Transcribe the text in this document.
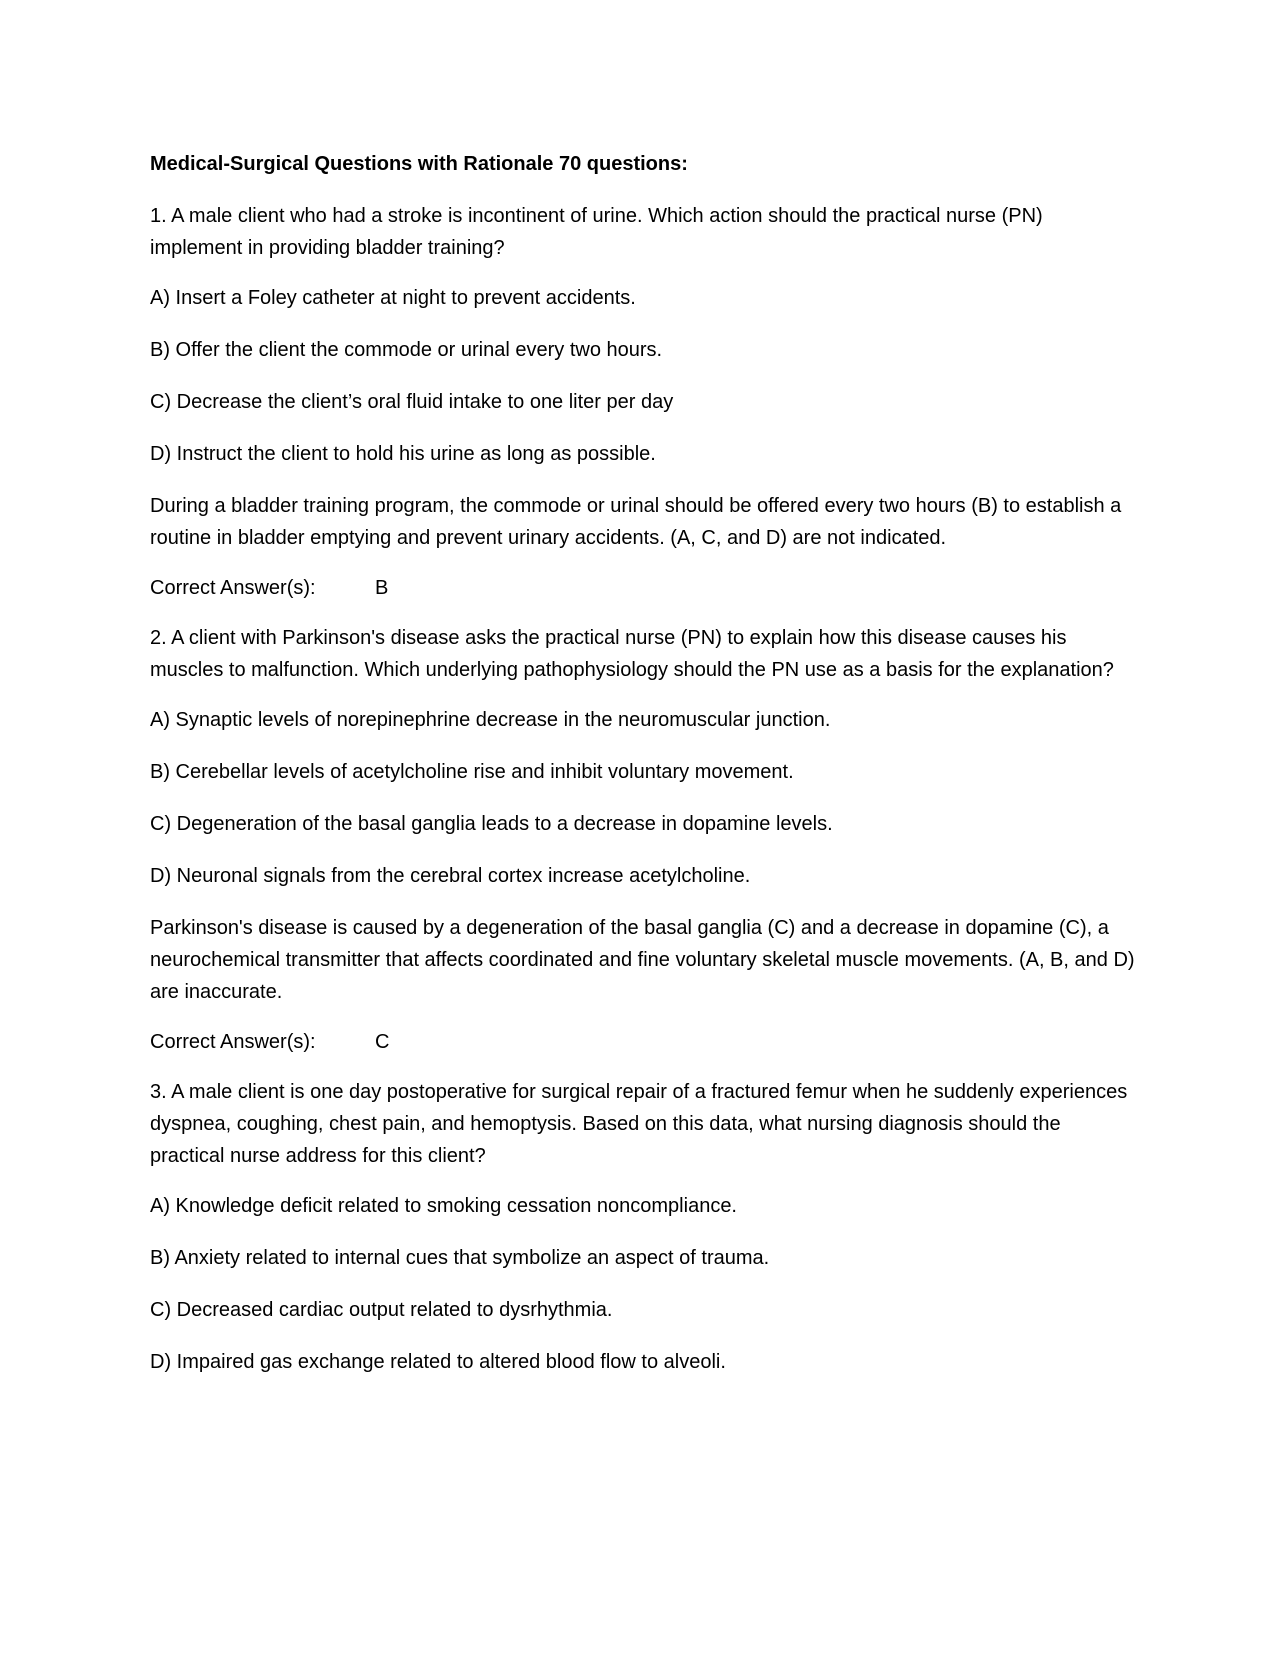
Medical-Surgical Questions with Rationale 70 questions:
1. A male client who had a stroke is incontinent of urine. Which action should the practical nurse (PN) implement in providing bladder training?
A) Insert a Foley catheter at night to prevent accidents.
B) Offer the client the commode or urinal every two hours.
C) Decrease the client’s oral fluid intake to one liter per day
D) Instruct the client to hold his urine as long as possible.
During a bladder training program, the commode or urinal should be offered every two hours (B) to establish a routine in bladder emptying and prevent urinary accidents. (A, C, and D) are not indicated.
Correct Answer(s):	B
2. A client with Parkinson's disease asks the practical nurse (PN) to explain how this disease causes his muscles to malfunction. Which underlying pathophysiology should the PN use as a basis for the explanation?
A) Synaptic levels of norepinephrine decrease in the neuromuscular junction.
B) Cerebellar levels of acetylcholine rise and inhibit voluntary movement.
C) Degeneration of the basal ganglia leads to a decrease in dopamine levels.
D) Neuronal signals from the cerebral cortex increase acetylcholine.
Parkinson's disease is caused by a degeneration of the basal ganglia (C) and a decrease in dopamine (C), a neurochemical transmitter that affects coordinated and fine voluntary skeletal muscle movements. (A, B, and D) are inaccurate.
Correct Answer(s):	C
3. A male client is one day postoperative for surgical repair of a fractured femur when he suddenly experiences dyspnea, coughing, chest pain, and hemoptysis. Based on this data, what nursing diagnosis should the practical nurse address for this client?
A) Knowledge deficit related to smoking cessation noncompliance.
B) Anxiety related to internal cues that symbolize an aspect of trauma.
C) Decreased cardiac output related to dysrhythmia.
D) Impaired gas exchange related to altered blood flow to alveoli.
